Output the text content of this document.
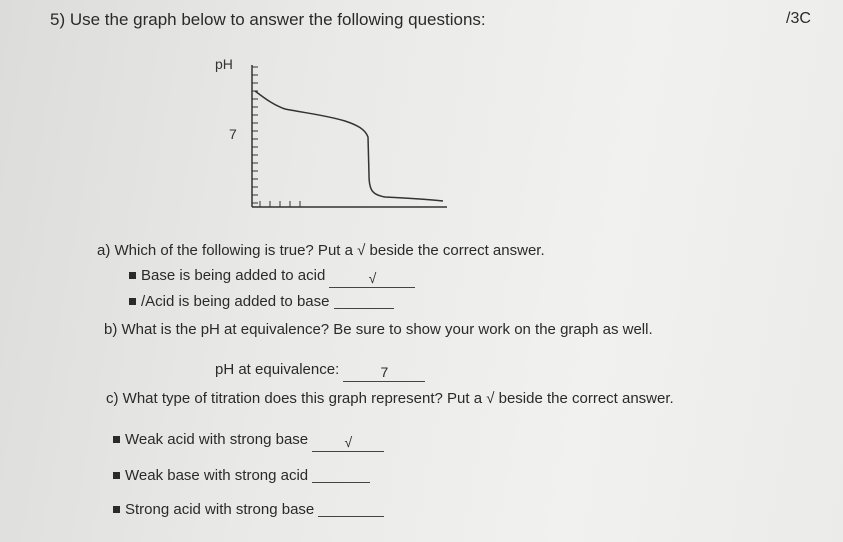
5) Use the graph below to answer the following questions:	/3C
pH
7
a) Which of the following is true? Put a √ beside the correct answer.
Base is being added to acid	√
/Acid is being added to base
b) What is the pH at equivalence? Be sure to show your work on the graph as well.
pH at equivalence:	7
c) What type of titration does this graph represent? Put a √ beside the correct answer.
Weak acid with strong base	√
Weak base with strong acid
Strong acid with strong base
